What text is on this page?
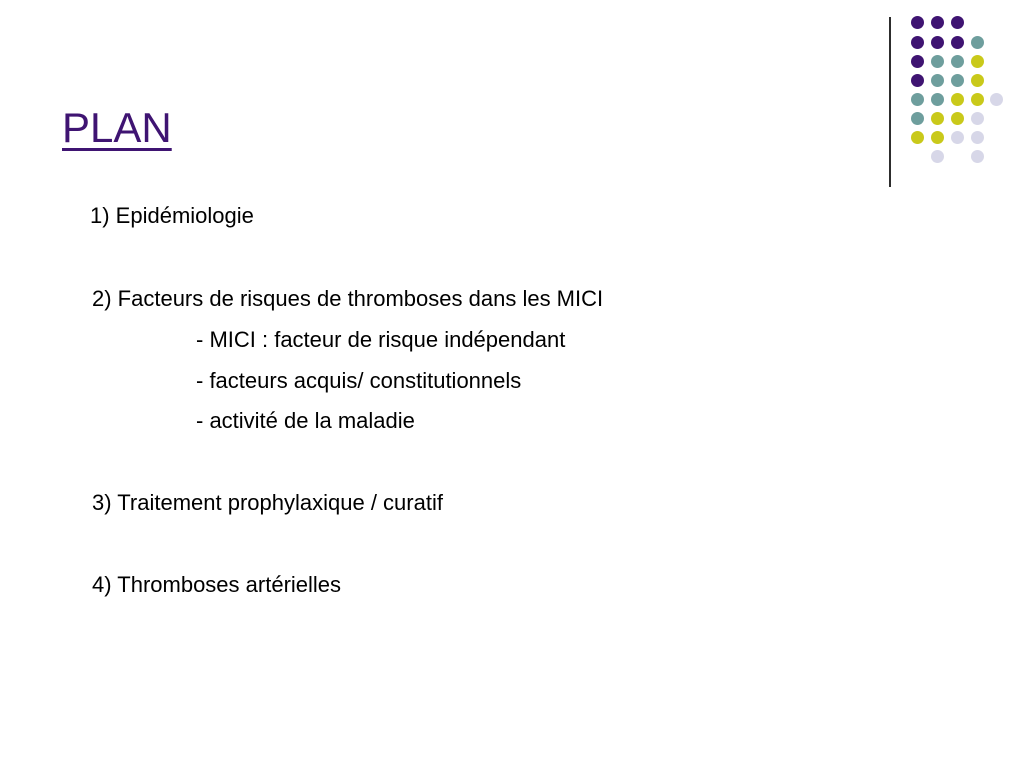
PLAN
1) Epidémiologie
2) Facteurs de risques de thromboses dans les MICI
- MICI : facteur de risque indépendant
- facteurs acquis/ constitutionnels
- activité de la maladie
3) Traitement prophylaxique / curatif
4) Thromboses artérielles
